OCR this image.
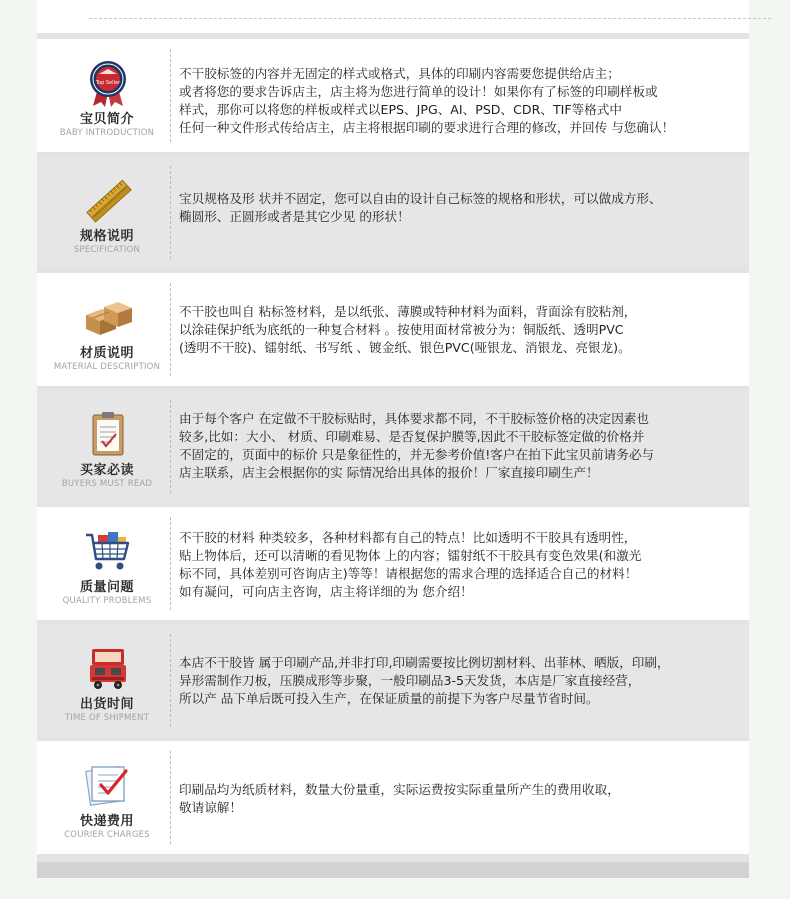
Top Seller
宝贝简介
BABY INTRODUCTION
不干胶标签的内容并无固定的样式或格式，具体的印刷内容需要您提供给店主；
或者将您的要求告诉店主，店主将为您进行简单的设计！如果你有了标签的印刷样板或
样式，那你可以将您的样板或样式以EPS、JPG、AI、PSD、CDR、TIF等格式中
任何一种文件形式传给店主，店主将根据印刷的要求进行合理的修改，并回传 与您确认！
规格说明
SPECIFICATION
宝贝规格及形 状并不固定，您可以自由的设计自己标签的规格和形状，可以做成方形、
椭圆形、正圆形或者是其它少见 的形状！
材质说明
MATERIAL DESCRIPTION
不干胶也叫自 粘标签材料，是以纸张、薄膜或特种材料为面料，背面涂有胶粘剂，
以涂硅保护纸为底纸的一种复合材料 。按使用面材常被分为：铜版纸、透明PVC
(透明不干胶)、镭射纸、书写纸 、镀金纸、银色PVC(哑银龙、消银龙、亮银龙)。
买家必读
BUYERS MUST READ
由于每个客户 在定做不干胶标贴时，具体要求都不同，不干胶标签价格的决定因素也
较多,比如：大小、 材质、印刷难易、是否复保护膜等,因此不干胶标签定做的价格并
不固定的，页面中的标价 只是象征性的，并无参考价值!客户在拍下此宝贝前请务必与
店主联系，店主会根据你的实 际情况给出具体的报价！厂家直接印刷生产！
质量问题
QUALITY PROBLEMS
不干胶的材料 种类较多，各种材料都有自己的特点！比如透明不干胶具有透明性，
贴上物体后，还可以清晰的看见物体 上的内容；镭射纸不干胶具有变色效果(和激光
标不同，具体差别可咨询店主)等等！请根据您的需求合理的选择适合自己的材料！
如有凝问，可向店主咨询，店主将详细的为 您介绍！
出货时间
TIME OF SHIPMENT
本店不干胶皆 属于印刷产品,并非打印,印刷需要按比例切割材料、出菲林、晒版，印刷，
异形需制作刀板，压膜成形等步聚，一般印刷品3-5天发货，本店是厂家直接经营，
所以产 品下单后既可投入生产，在保证质量的前提下为客户尽量节省时间。
快递费用
COURIER CHARGES
印刷品均为纸质材料，数量大份量重，实际运费按实际重量所产生的费用收取，
敬请谅解！
